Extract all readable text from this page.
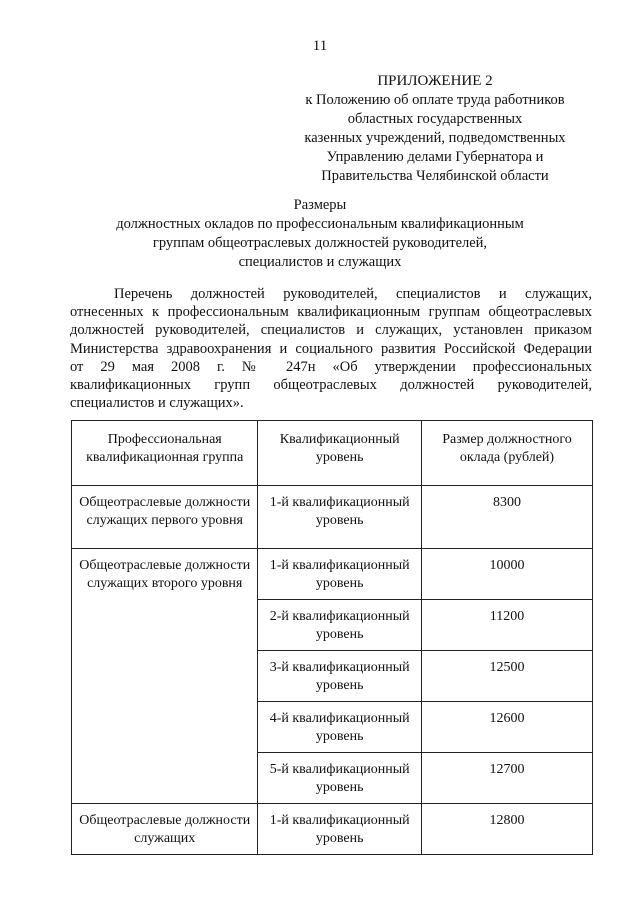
11
ПРИЛОЖЕНИЕ 2
к Положению об оплате труда работников
областных государственных
казенных учреждений, подведомственных
Управлению делами Губернатора и
Правительства Челябинской области
Размеры
должностных окладов по профессиональным квалификационным
группам общеотраслевых должностей руководителей,
специалистов и служащих
Перечень должностей руководителей, специалистов и служащих,
отнесенных к профессиональным квалификационным группам общеотраслевых
должностей руководителей, специалистов и служащих, установлен приказом
Министерства здравоохранения и социального развития Российской Федерации
от 29 мая 2008 г. № 247н «Об утверждении профессиональных
квалификационных групп общеотраслевых должностей руководителей,
специалистов и служащих».
Профессиональная квалификационная группа	Квалификационный уровень	Размер должностного оклада (рублей)
Общеотраслевые должности служащих первого уровня	1-й квалификационный уровень	8300
Общеотраслевые должности служащих второго уровня	1-й квалификационный уровень	10000
	2-й квалификационный уровень	11200
	3-й квалификационный уровень	12500
	4-й квалификационный уровень	12600
	5-й квалификационный уровень	12700
Общеотраслевые должности служащих	1-й квалификационный уровень	12800
